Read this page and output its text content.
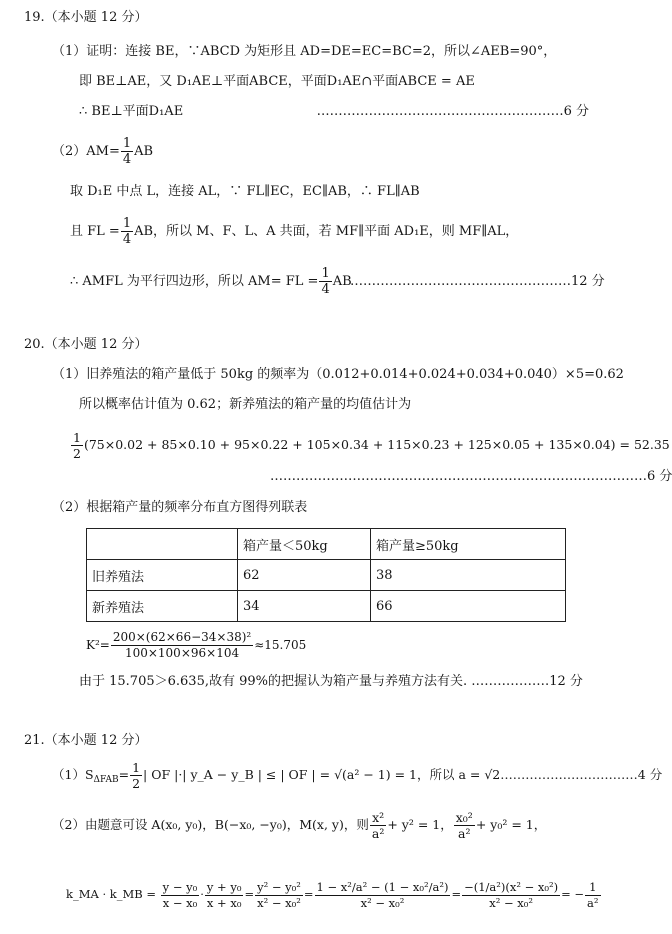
19.（本小题 12 分）
（1）证明：连接 BE，∵ABCD 为矩形且 AD=DE=EC=BC=2，所以∠AEB=90°，
即 BE⊥AE，又 D₁AE⊥平面ABCE，平面D₁AE∩平面ABCE = AE
∴ BE⊥平面D₁AE	…………………………………………………6 分
$(2)AM= \frac{1}{4}$ AB
取 D₁E 中点 L，连接 AL，∵ FL∥EC，EC∥AB，∴ FL∥AB
且 FL = $\frac{1}{4}$ AB，所以 M、F、L、A 共面，若 MF∥平面 AD₁E，则 MF∥AL，
∴ AMFL 为平行四边形，所以 AM= FL = $\frac{1}{4}$ AB
……………………………………………12 分
20.（本小题 12 分）
（1）旧养殖法的箱产量低于 50kg 的频率为（0.012+0.014+0.024+0.034+0.040）×5=0.62
所以概率估计值为 0.62；新养殖法的箱产量的均值估计为
$\frac{1}{2} (75\times 0.02 + 85\times 0.10 + 95\times 0.22 + 105\times 0.34 + 115\times 0.23 + 125\times 0.05 + 135\times 0.04) = 52.35$
……………………………………………………………………………6 分
（2）根据箱产量的频率分布直方图得列联表
	箱产量＜50kg	箱产量≥50kg
旧养殖法	62	38
新养殖法	34	66
$K^2= \frac{\text{200×(62×66−34×38)²}}{100\times 100\times 96\times 104} \approx 15.705$
由于 15.705＞6.635,故有 99%的把握认为箱产量与养殖方法有关. ………………12 分
21.（本小题 12 分）
$(1)S_{\Delta FAB}= \frac{1}{2}$ | OF |·| y_A − y_B | ≤ | OF | = √(a² − 1) = 1，所以 a = √2……………………………4 分
（2）由题意可设 A(x₀, y₀)，B(−x₀, −y₀)，M(x, y)，则 $\frac{\text{x²}}{\text{a²}} + y^2 = 1$， $\frac{\text{x₀²}}{\text{a²}} + y_0^2 = 1$，
k_MA · k_MB = $\frac{\text{y − y₀}}{\text{x − x₀}} \cdot \frac{\text{y + y₀}}{\text{x + x₀}} = \frac{\text{y² − y₀²}}{\text{x² − x₀²}} = \frac{\text{1 − x²/a² − (1 − x₀²/a²)}}{\text{x² − x₀²}} = \frac{\text{−(1/a²)(x² − x₀²)}}{\text{x² − x₀²}}$ = − $\frac{1}{\text{a²}}$
